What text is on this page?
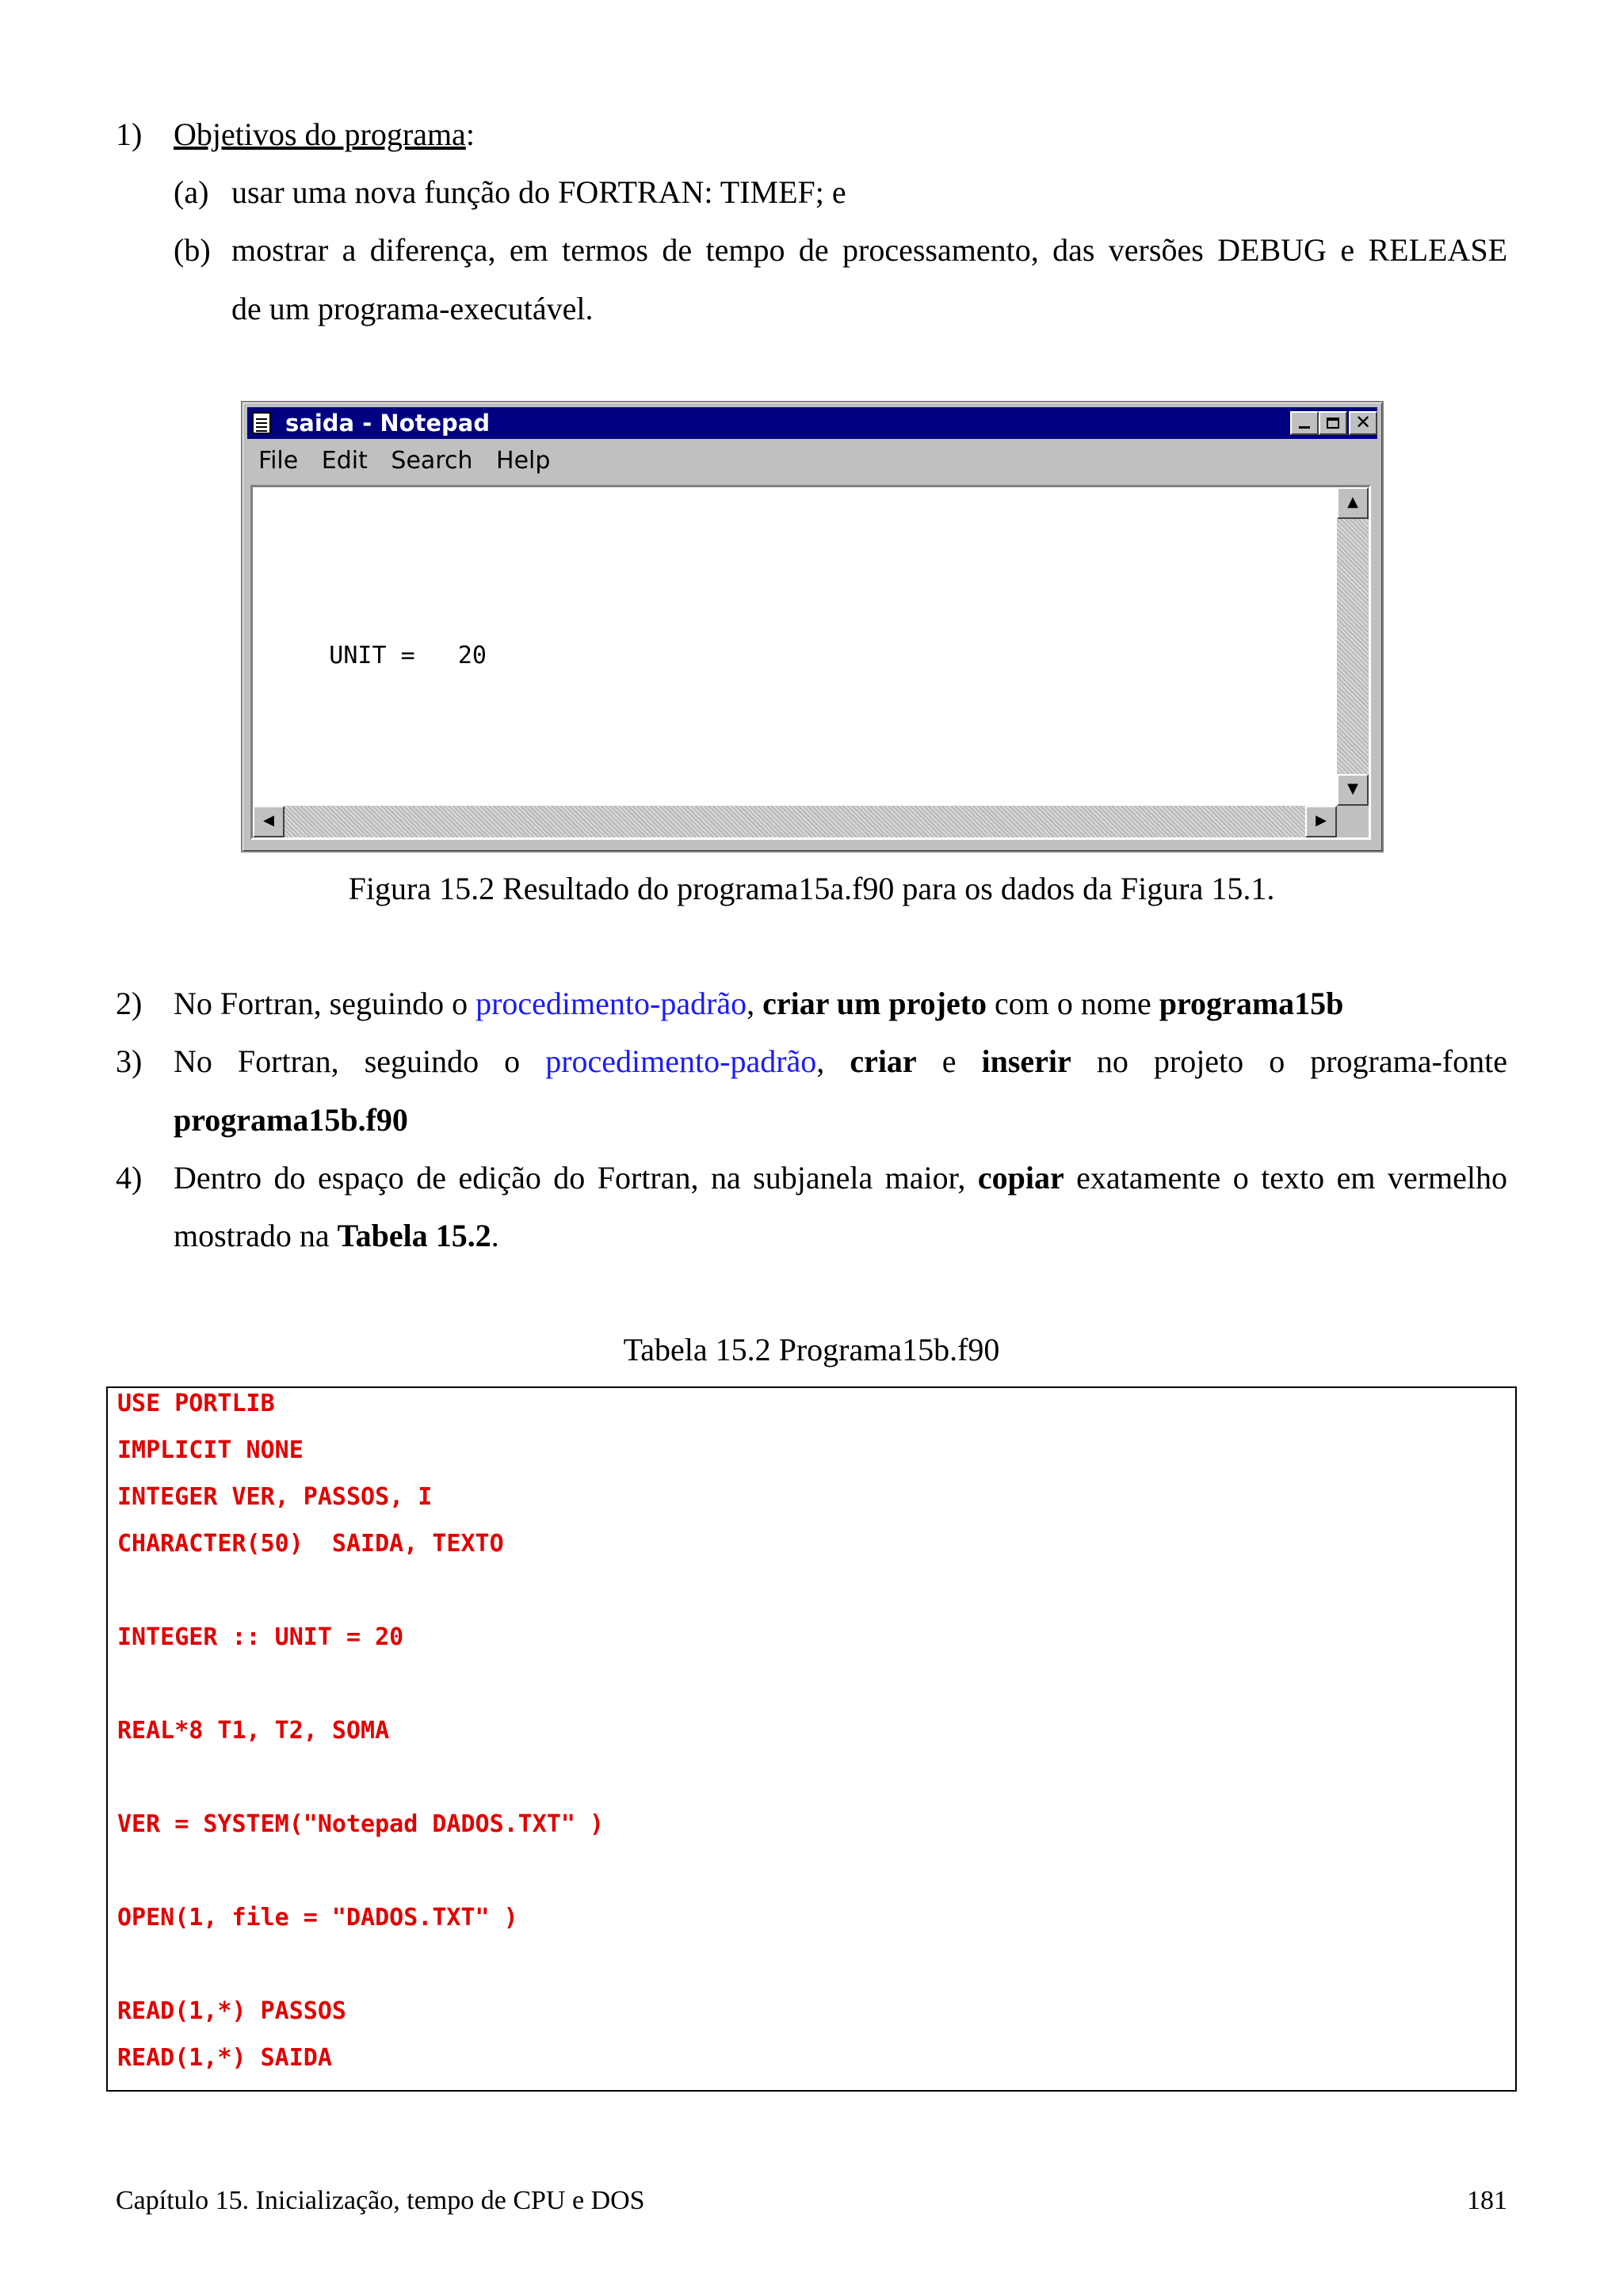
1) Objetivos do programa:
(a) usar uma nova função do FORTRAN: TIMEF; e
(b) mostrar a diferença, em termos de tempo de processamento, das versões DEBUG e RELEASE
de um programa-executável.
saida - Notepad	✕
File Edit Search Help

UNIT =   20

▲
▼
◀	▶
Figura 15.2 Resultado do programa15a.f90 para os dados da Figura 15.1.
2) No Fortran, seguindo o procedimento-padrão, criar um projeto com o nome programa15b
3) No Fortran, seguindo o procedimento-padrão, criar e inserir no projeto o programa-fonte
programa15b.f90
4) Dentro do espaço de edição do Fortran, na subjanela maior, copiar exatamente o texto em vermelho
mostrado na Tabela 15.2.
Tabela 15.2 Programa15b.f90
USE PORTLIB
IMPLICIT NONE
INTEGER VER, PASSOS, I
CHARACTER(50)  SAIDA, TEXTO
INTEGER :: UNIT = 20
REAL*8 T1, T2, SOMA
VER = SYSTEM("Notepad DADOS.TXT" )
OPEN(1, file = "DADOS.TXT" )
READ(1,*) PASSOS
READ(1,*) SAIDA
Capítulo 15. Inicialização, tempo de CPU e DOS	181
